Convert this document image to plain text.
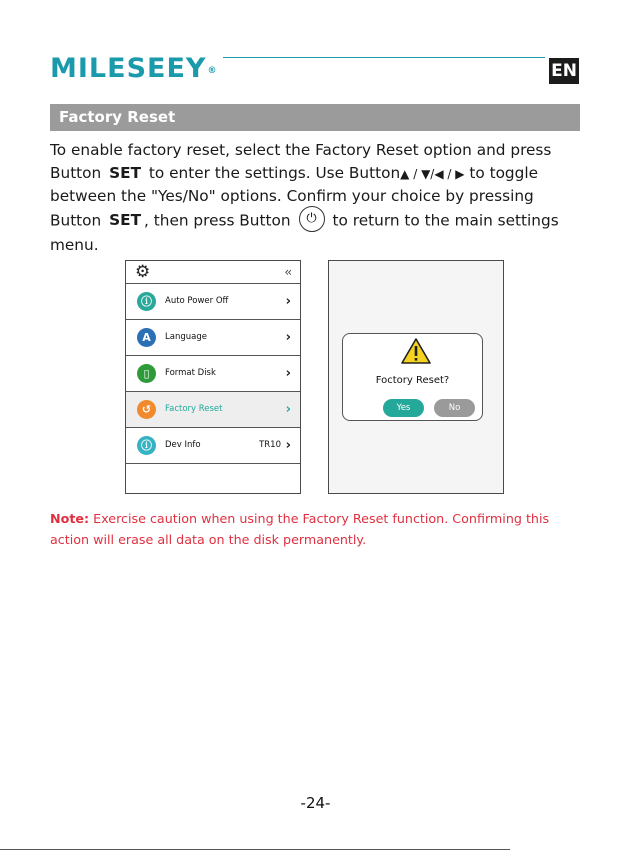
MILESEEY®	EN
Factory Reset
To enable factory reset, select the Factory Reset option and press
Button SET to enter the settings. Use Button▲ / ▼/◀ / ▶ to toggle
between the "Yes/No" options. Confirm your choice by pressing
Button SET , then press Button ⏻ to return to the main settings
menu.
⚙	‹‹
ⓘ	Auto Power Off	›
A	Language	›
▯	Format Disk	›
↺	Factory Reset	›
ⓘ	Dev Info	TR10 ›
Foctory Reset?
Yes	No
Note: Exercise caution when using the Factory Reset function. Confirming this action will erase all data on the disk permanently.
-24-
